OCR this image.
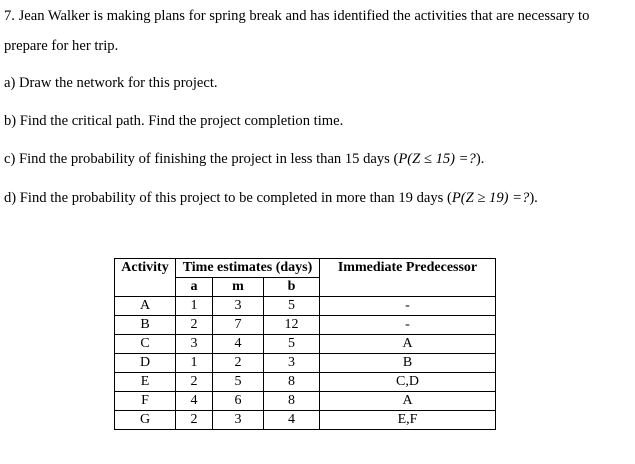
7. Jean Walker is making plans for spring break and has identified the activities that are necessary to
prepare for her trip.
a) Draw the network for this project.
b) Find the critical path. Find the project completion time.
c) Find the probability of finishing the project in less than 15 days (P(Z ≤ 15) =?).
d) Find the probability of this project to be completed in more than 19 days (P(Z ≥ 19) =?).
Activity	Time estimates (days)			Immediate Predecessor
	a	m	b	
A	1	3	5	-
B	2	7	12	-
C	3	4	5	A
D	1	2	3	B
E	2	5	8	C,D
F	4	6	8	A
G	2	3	4	E,F
